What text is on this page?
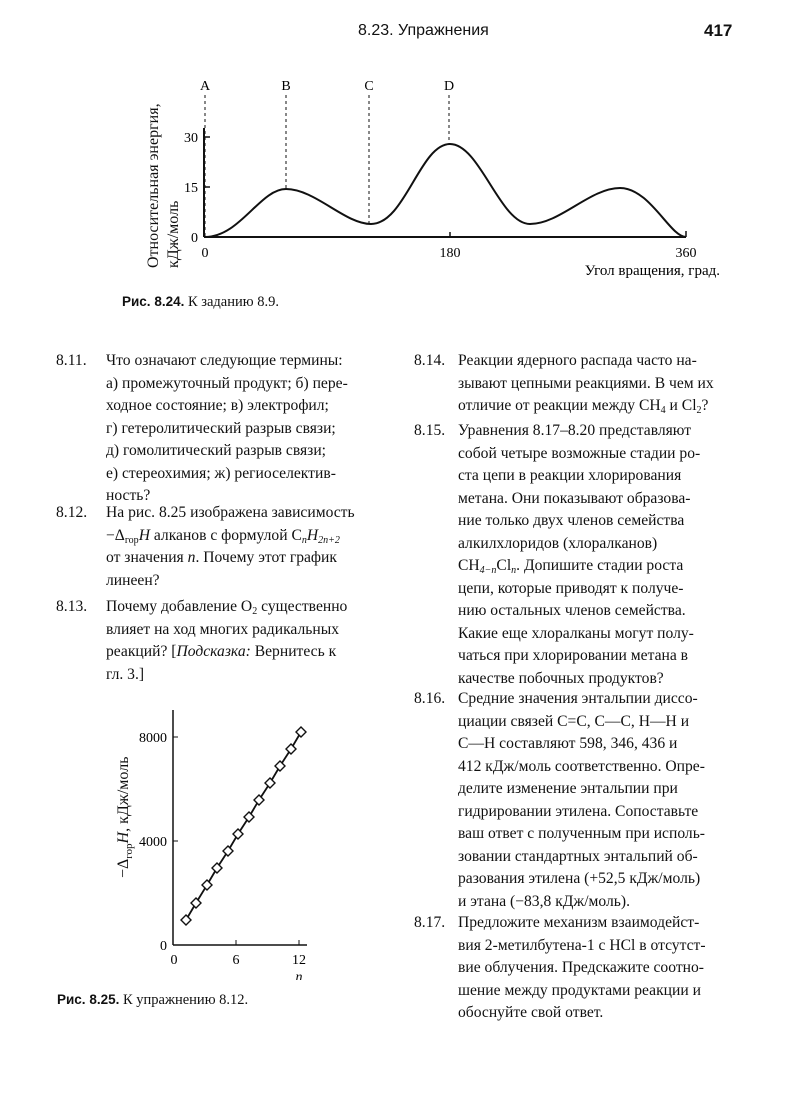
8.23. Упражнения	417
Относительная энергия, кДж/моль
30
15
0
0	180	360
Угол вращения, град.
A	B	C	D
Рис. 8.24. К заданию 8.9.
8.11. Что означают следующие термины:
а) промежуточный продукт; б) пере-
ходное состояние; в) электрофил;
г) гетеролитический разрыв связи;
д) гомолитический разрыв связи;
е) стереохимия; ж) региоселектив-
ность?
8.12. На рис. 8.25 изображена зависимость
$-\Delta_{гор}H$ алканов с формулой $C_nH_{2n+2}$
от значения n. Почему этот график
линеен?
8.13. Почему добавление $O_2$ существенно
влияет на ход многих радикальных
реакций? [Подсказка: Вернитесь к
гл. 3.]
$-\Delta_{гор}H$, кДж/моль
8000
4000
0
0	6	12
n
Рис. 8.25. К упражнению 8.12.
8.14. Реакции ядерного распада часто на-
зывают цепными реакциями. В чем их
отличие от реакции между $CH_4$ и $Cl_2$?
8.15. Уравнения 8.17–8.20 представляют
собой четыре возможные стадии ро-
ста цепи в реакции хлорирования
метана. Они показывают образова-
ние только двух членов семейства
алкилхлоридов (хлоралканов)
$CH_{4-n}Cl_n$. Допишите стадии роста
цепи, которые приводят к получе-
нию остальных членов семейства.
Какие еще хлоралканы могут полу-
чаться при хлорировании метана в
качестве побочных продуктов?
8.16. Средние значения энтальпии диссо-
циации связей C=C, C—C, H—H и
C—H составляют 598, 346, 436 и
412 кДж/моль соответственно. Опре-
делите изменение энтальпии при
гидрировании этилена. Сопоставьте
ваш ответ с полученным при исполь-
зовании стандартных энтальпий об-
разования этилена (+52,5 кДж/моль)
и этана (−83,8 кДж/моль).
8.17. Предложите механизм взаимодейст-
вия 2-метилбутена-1 с HCl в отсутст-
вие облучения. Предскажите соотно-
шение между продуктами реакции и
обоснуйте свой ответ.
